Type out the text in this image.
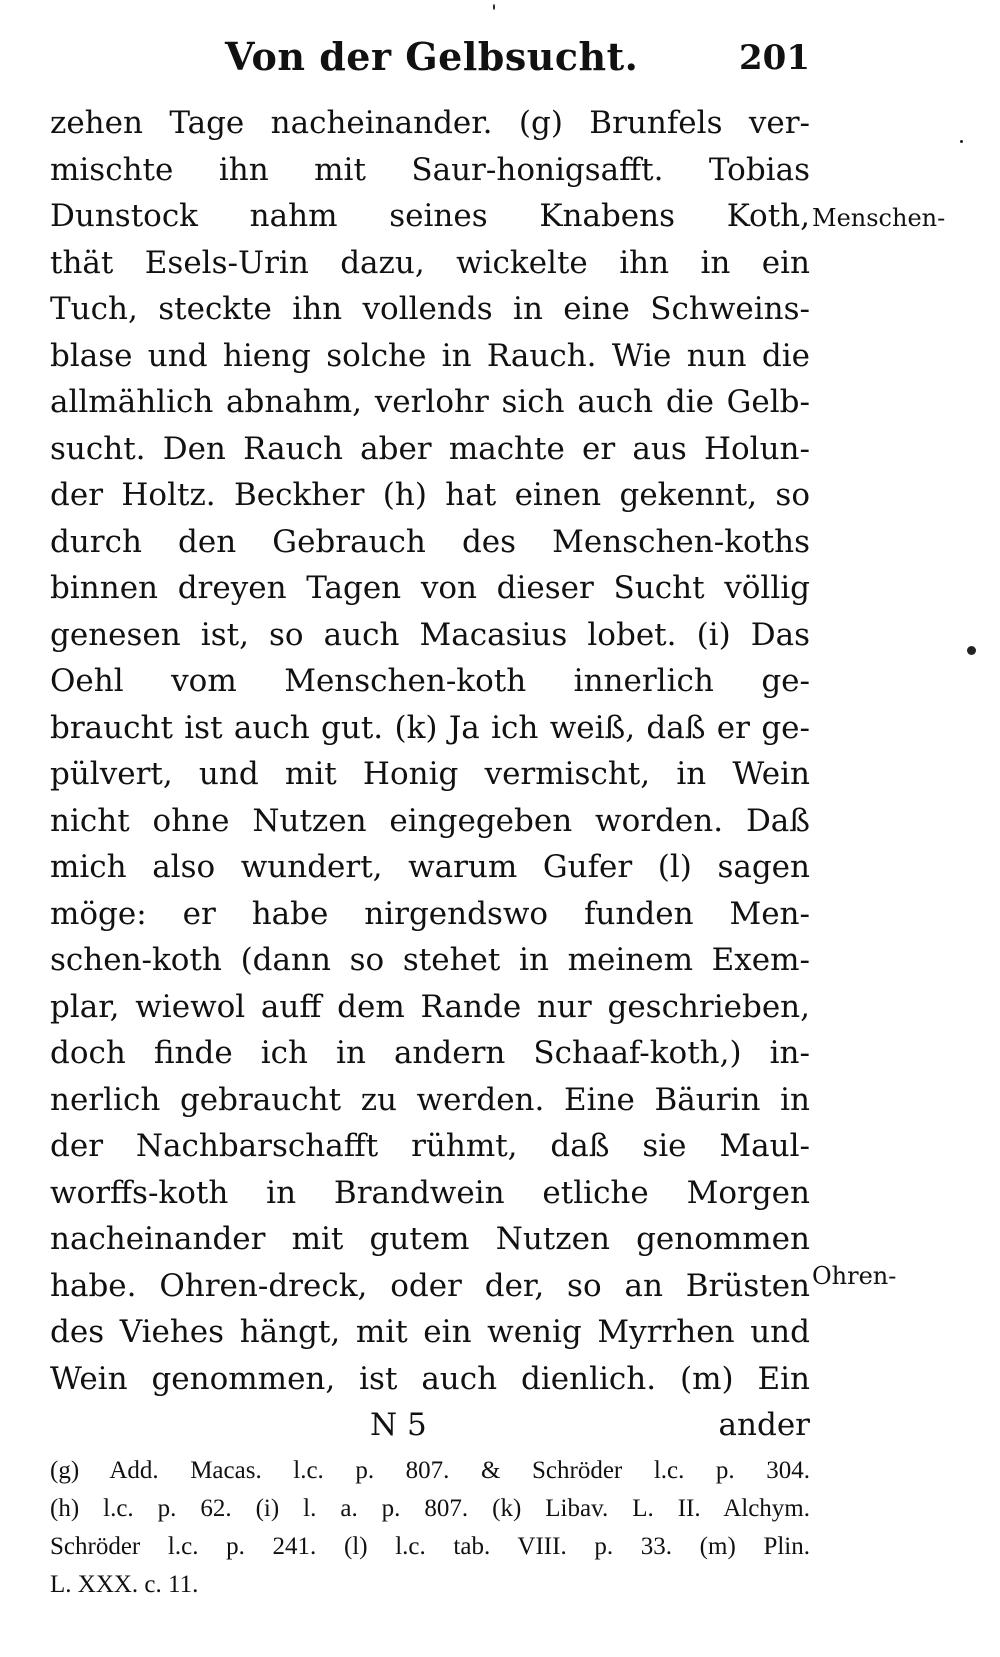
Von der Gelbsucht.	201
zehen Tage nacheinander. (g) Brunfels ver-
mischte ihn mit Saur-honigsafft. Tobias
Dunstock nahm seines Knabens Koth,
thät Esels-Urin dazu, wickelte ihn in ein
Tuch, steckte ihn vollends in eine Schweins-
blase und hieng solche in Rauch. Wie nun die
allmählich abnahm, verlohr sich auch die Gelb-
sucht. Den Rauch aber machte er aus Holun-
der Holtz. Beckher (h) hat einen gekennt, so
durch den Gebrauch des Menschen-koths
binnen dreyen Tagen von dieser Sucht völlig
genesen ist, so auch Macasius lobet. (i) Das
Oehl vom Menschen-koth innerlich ge-
braucht ist auch gut. (k) Ja ich weiß, daß er ge-
pülvert, und mit Honig vermischt, in Wein
nicht ohne Nutzen eingegeben worden. Daß
mich also wundert, warum Gufer (l) sagen
möge: er habe nirgendswo funden Men-
schen-koth (dann so stehet in meinem Exem-
plar, wiewol auff dem Rande nur geschrieben,
doch finde ich in andern Schaaf-koth,) in-
nerlich gebraucht zu werden. Eine Bäurin in
der Nachbarschafft rühmt, daß sie Maul-
worffs-koth in Brandwein etliche Morgen
nacheinander mit gutem Nutzen genommen
habe. Ohren-dreck, oder der, so an Brüsten
des Viehes hängt, mit ein wenig Myrrhen und
Wein genommen, ist auch dienlich. (m) Ein
N 5	ander
Menschen-
Ohren-
(g) Add. Macas. l.c. p. 807. & Schröder l.c. p. 304.
(h) l.c. p. 62. (i) l. a. p. 807. (k) Libav. L. II. Alchym.
Schröder l.c. p. 241. (l) l.c. tab. VIII. p. 33. (m) Plin.
L. XXX. c. 11.
